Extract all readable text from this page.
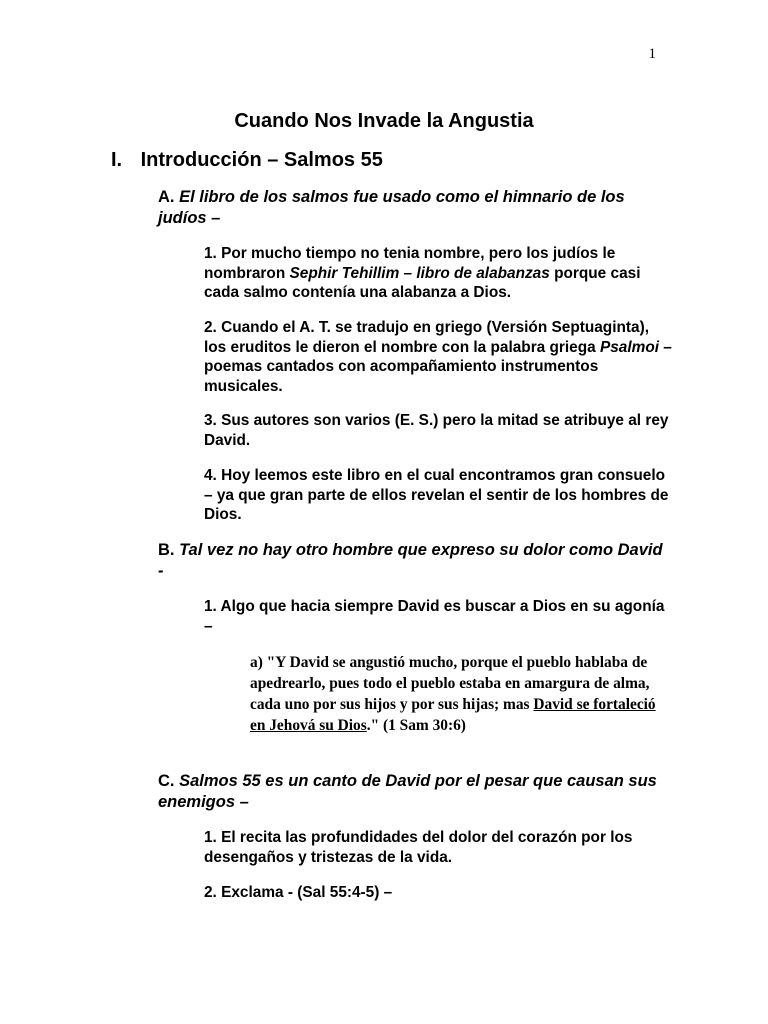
1
Cuando Nos Invade la Angustia
I. Introducción – Salmos 55
A. El libro de los salmos fue usado como el himnario de los judíos –
1. Por mucho tiempo no tenia nombre, pero los judíos le nombraron Sephir Tehillim – libro de alabanzas porque casi cada salmo contenía una alabanza a Dios.
2. Cuando el A. T. se tradujo en griego (Versión Septuaginta), los eruditos le dieron el nombre con la palabra griega Psalmoi – poemas cantados con acompañamiento instrumentos musicales.
3. Sus autores son varios (E. S.) pero la mitad se atribuye al rey David.
4. Hoy leemos este libro en el cual encontramos gran consuelo – ya que gran parte de ellos revelan el sentir de los hombres de Dios.
B. Tal vez no hay otro hombre que expreso su dolor como David -
1. Algo que hacia siempre David es buscar a Dios en su agonía –
a) "Y David se angustió mucho, porque el pueblo hablaba de apedrearlo, pues todo el pueblo estaba en amargura de alma, cada uno por sus hijos y por sus hijas; mas David se fortaleció en Jehová su Dios." (1 Sam 30:6)
C. Salmos 55 es un canto de David por el pesar que causan sus enemigos –
1. El recita las profundidades del dolor del corazón por los desengaños y tristezas de la vida.
2. Exclama - (Sal 55:4-5) –
